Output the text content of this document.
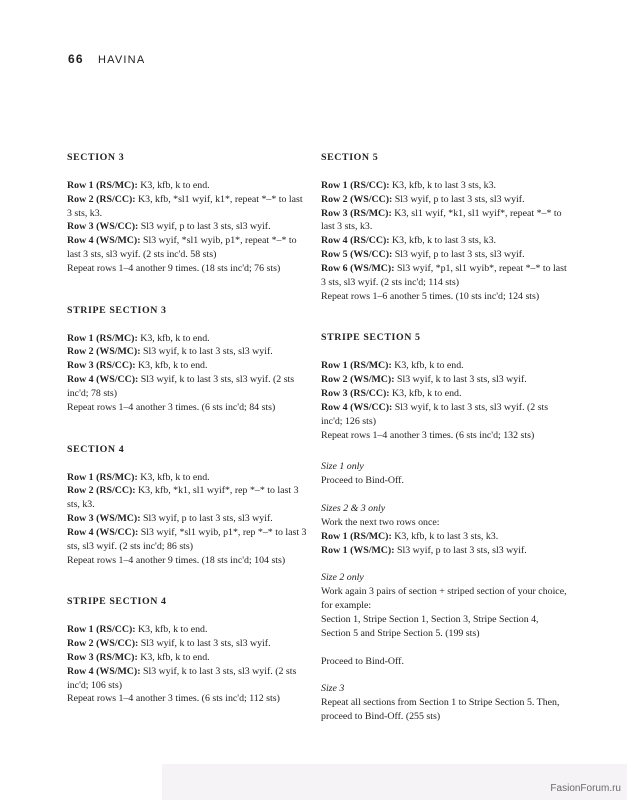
66 HAVINA
SECTION 3
Row 1 (RS/MC): K3, kfb, k to end.
Row 2 (RS/CC): K3, kfb, *sl1 wyif, k1*, repeat *–* to last 3 sts, k3.
Row 3 (WS/CC): Sl3 wyif, p to last 3 sts, sl3 wyif.
Row 4 (WS/MC): Sl3 wyif, *sl1 wyib, p1*, repeat *–* to last 3 sts, sl3 wyif. (2 sts inc'd. 58 sts)
Repeat rows 1–4 another 9 times. (18 sts inc'd; 76 sts)
STRIPE SECTION 3
Row 1 (RS/MC): K3, kfb, k to end.
Row 2 (WS/MC): Sl3 wyif, k to last 3 sts, sl3 wyif.
Row 3 (RS/CC): K3, kfb, k to end.
Row 4 (WS/CC): Sl3 wyif, k to last 3 sts, sl3 wyif. (2 sts inc'd; 78 sts)
Repeat rows 1–4 another 3 times. (6 sts inc'd; 84 sts)
SECTION 4
Row 1 (RS/MC): K3, kfb, k to end.
Row 2 (RS/CC): K3, kfb, *k1, sl1 wyif*, rep *–* to last 3 sts, k3.
Row 3 (WS/MC): Sl3 wyif, p to last 3 sts, sl3 wyif.
Row 4 (WS/CC): Sl3 wyif, *sl1 wyib, p1*, rep *–* to last 3 sts, sl3 wyif. (2 sts inc'd; 86 sts)
Repeat rows 1–4 another 9 times. (18 sts inc'd; 104 sts)
STRIPE SECTION 4
Row 1 (RS/CC): K3, kfb, k to end.
Row 2 (WS/CC): Sl3 wyif, k to last 3 sts, sl3 wyif.
Row 3 (RS/MC): K3, kfb, k to end.
Row 4 (WS/MC): Sl3 wyif, k to last 3 sts, sl3 wyif. (2 sts inc'd; 106 sts)
Repeat rows 1–4 another 3 times. (6 sts inc'd; 112 sts)
SECTION 5
Row 1 (RS/CC): K3, kfb, k to last 3 sts, k3.
Row 2 (WS/CC): Sl3 wyif, p to last 3 sts, sl3 wyif.
Row 3 (RS/MC): K3, sl1 wyif, *k1, sl1 wyif*, repeat *–* to last 3 sts, k3.
Row 4 (RS/CC): K3, kfb, k to last 3 sts, k3.
Row 5 (WS/CC): Sl3 wyif, p to last 3 sts, sl3 wyif.
Row 6 (WS/MC): Sl3 wyif, *p1, sl1 wyib*, repeat *–* to last 3 sts, sl3 wyif. (2 sts inc'd; 114 sts)
Repeat rows 1–6 another 5 times. (10 sts inc'd; 124 sts)
STRIPE SECTION 5
Row 1 (RS/MC): K3, kfb, k to end.
Row 2 (WS/MC): Sl3 wyif, k to last 3 sts, sl3 wyif.
Row 3 (RS/CC): K3, kfb, k to end.
Row 4 (WS/CC): Sl3 wyif, k to last 3 sts, sl3 wyif. (2 sts inc'd; 126 sts)
Repeat rows 1–4 another 3 times. (6 sts inc'd; 132 sts)
Size 1 only
Proceed to Bind-Off.
Sizes 2 & 3 only
Work the next two rows once:
Row 1 (RS/MC): K3, kfb, k to last 3 sts, k3.
Row 1 (WS/MC): Sl3 wyif, p to last 3 sts, sl3 wyif.
Size 2 only
Work again 3 pairs of section + striped section of your choice, for example:
Section 1, Stripe Section 1, Section 3, Stripe Section 4, Section 5 and Stripe Section 5. (199 sts)
Proceed to Bind-Off.
Size 3
Repeat all sections from Section 1 to Stripe Section 5. Then, proceed to Bind-Off. (255 sts)
FasionForum.ru
